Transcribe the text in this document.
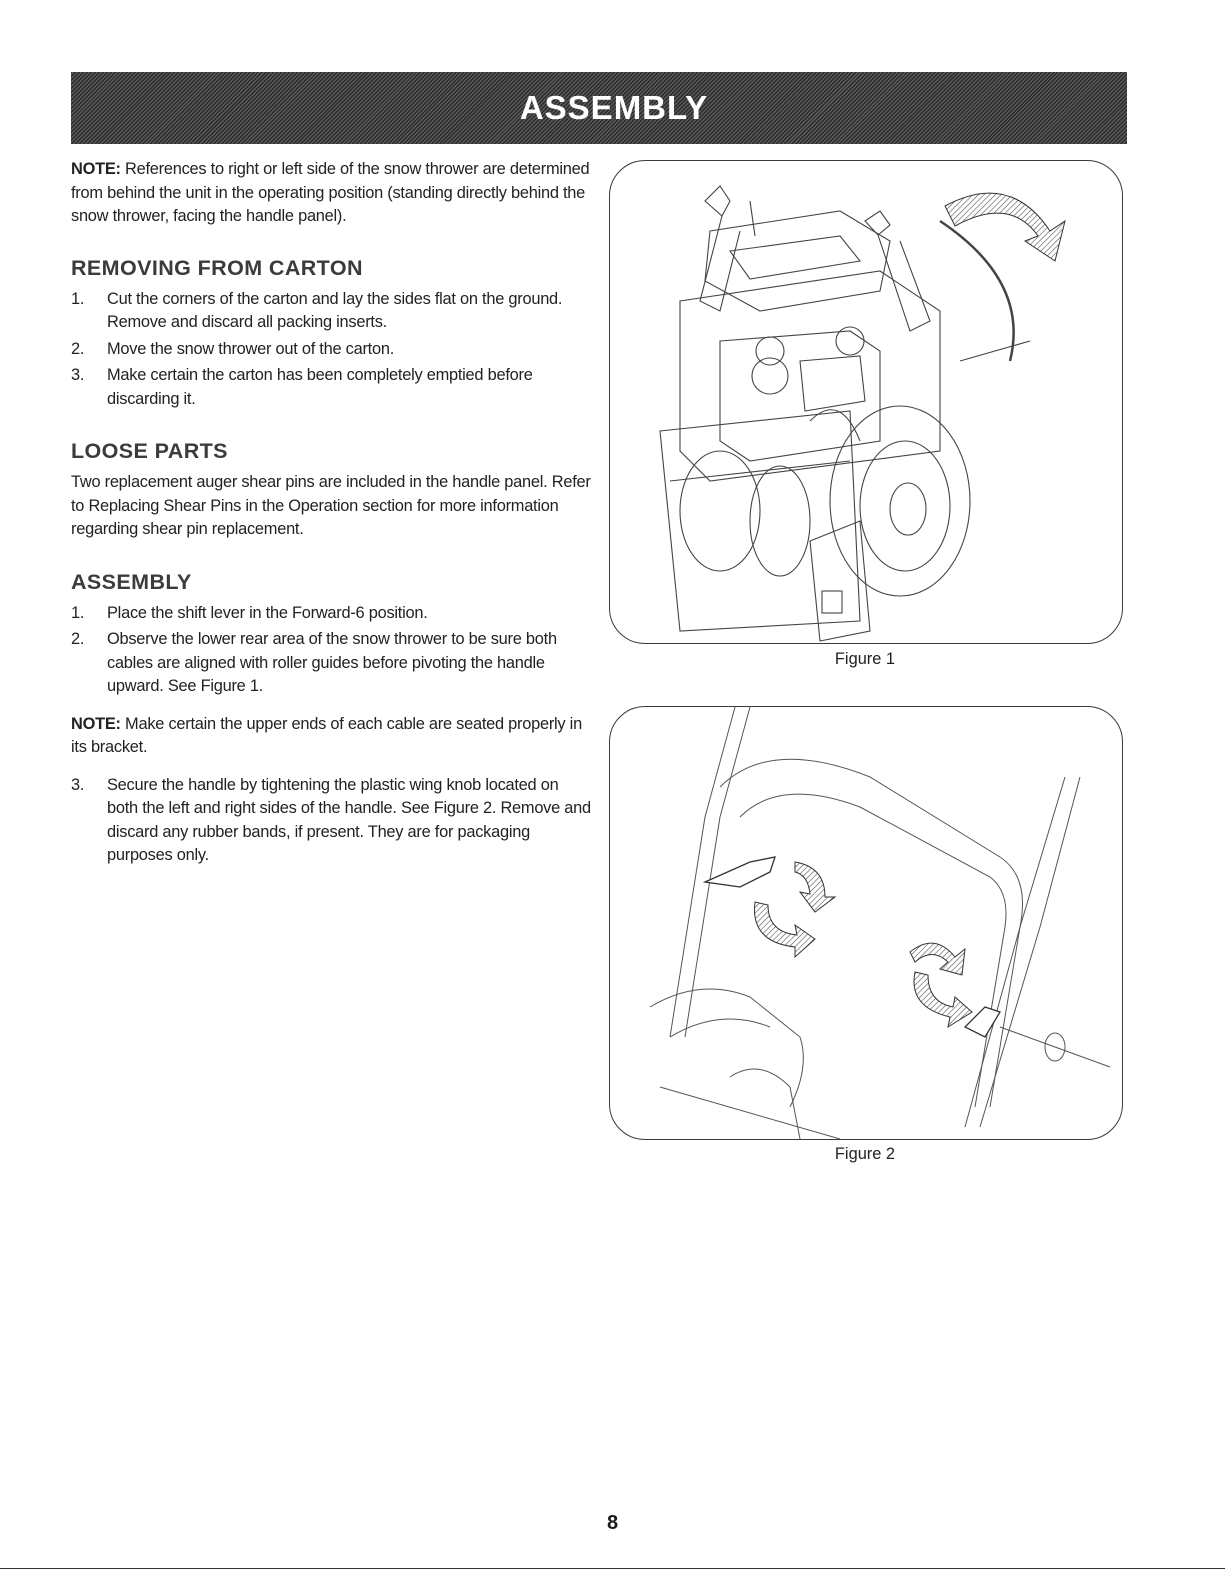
ASSEMBLY

NOTE: References to right or left side of the snow thrower are determined from behind the unit in the operating position (standing directly behind the snow thrower, facing the handle panel).

REMOVING FROM CARTON
1. Cut the corners of the carton and lay the sides flat on the ground. Remove and discard all packing inserts.
2. Move the snow thrower out of the carton.
3. Make certain the carton has been completely emptied before discarding it.
LOOSE PARTS

Two replacement auger shear pins are included in the handle panel. Refer to Replacing Shear Pins in the Operation section for more information regarding shear pin replacement.

ASSEMBLY
1. Place the shift lever in the Forward-6 position.
2. Observe the lower rear area of the snow thrower to be sure both cables are aligned with roller guides before pivoting the handle upward. See Figure 1.

NOTE: Make certain the upper ends of each cable are seated properly in its bracket.

3. Secure the handle by tightening the plastic wing knob located on both the left and right sides of the handle. See Figure 2. Remove and discard any rubber bands, if present. They are for packaging purposes only.
Figure 1
Figure 2
8
